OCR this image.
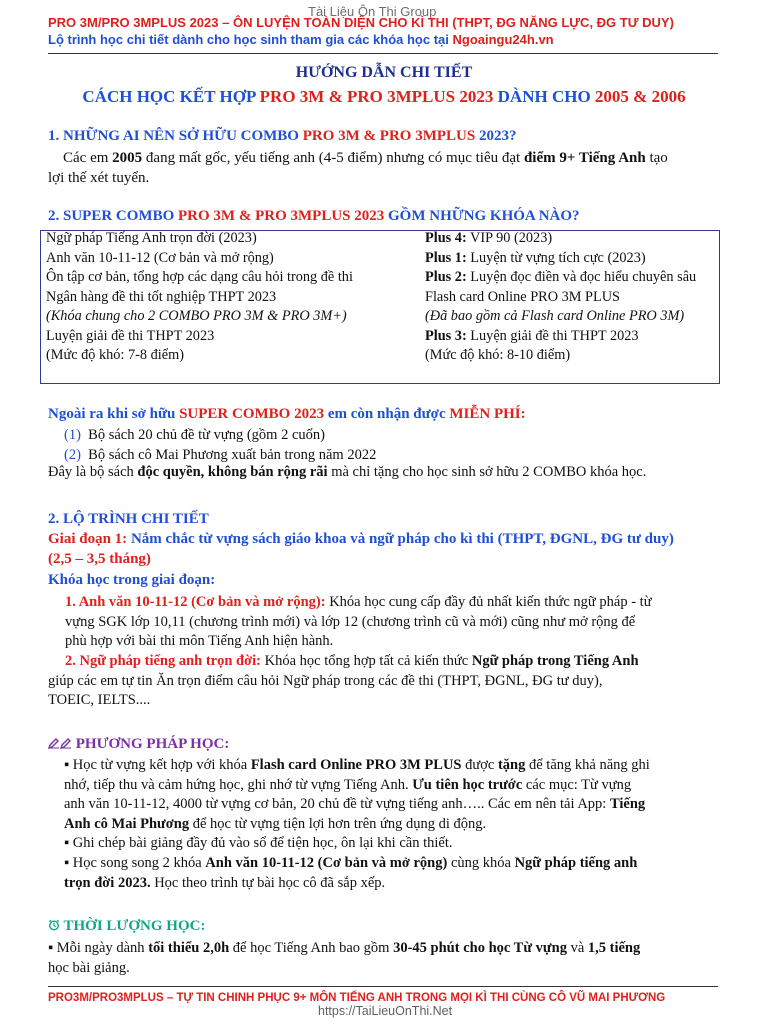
Tài Liệu Ôn Thi Group
PRO 3M/PRO 3MPLUS 2023 – ÔN LUYỆN TOÀN DIỆN CHO KÌ THI (THPT, ĐG NĂNG LỰC, ĐG TƯ DUY)
Lộ trình học chi tiết dành cho học sinh tham gia các khóa học tại Ngoaingu24h.vn
HƯỚNG DẪN CHI TIẾT
CÁCH HỌC KẾT HỢP PRO 3M & PRO 3MPLUS 2023 DÀNH CHO 2005 & 2006
1. NHỮNG AI NÊN SỞ HỮU COMBO PRO 3M & PRO 3MPLUS 2023?
Các em 2005 đang mất gốc, yếu tiếng anh (4-5 điểm) nhưng có mục tiêu đạt điểm 9+ Tiếng Anh tạo
lợi thế xét tuyển.
2. SUPER COMBO PRO 3M & PRO 3MPLUS 2023 GỒM NHỮNG KHÓA NÀO?
Ngữ pháp Tiếng Anh trọn đời (2023)
Anh văn 10-11-12 (Cơ bản và mở rộng)
Ôn tập cơ bản, tổng hợp các dạng câu hỏi trong đề thi
Ngân hàng đề thi tốt nghiệp THPT 2023
(Khóa chung cho 2 COMBO PRO 3M & PRO 3M+)
Luyện giải đề thi THPT 2023
(Mức độ khó: 7-8 điểm)
Plus 4: VIP 90 (2023)
Plus 1: Luyện từ vựng tích cực (2023)
Plus 2: Luyện đọc điền và đọc hiểu chuyên sâu
Flash card Online PRO 3M PLUS
(Đã bao gồm cả Flash card Online PRO 3M)
Plus 3: Luyện giải đề thi THPT 2023
(Mức độ khó: 8-10 điểm)
Ngoài ra khi sở hữu SUPER COMBO 2023 em còn nhận được MIỄN PHÍ:
(1) Bộ sách 20 chủ đề từ vựng (gồm 2 cuốn)
(2) Bộ sách cô Mai Phương xuất bản trong năm 2022
Đây là bộ sách độc quyền, không bán rộng rãi mà chỉ tặng cho học sinh sở hữu 2 COMBO khóa học.
2. LỘ TRÌNH CHI TIẾT
Giai đoạn 1: Nắm chắc từ vựng sách giáo khoa và ngữ pháp cho kì thi (THPT, ĐGNL, ĐG tư duy)
(2,5 – 3,5 tháng)
Khóa học trong giai đoạn:
1. Anh văn 10-11-12 (Cơ bản và mở rộng): Khóa học cung cấp đầy đủ nhất kiến thức ngữ pháp - từ
vựng SGK lớp 10,11 (chương trình mới) và lớp 12 (chương trình cũ và mới) cũng như mở rộng để
phù hợp với bài thi môn Tiếng Anh hiện hành.
2. Ngữ pháp tiếng anh trọn đời: Khóa học tổng hợp tất cả kiến thức Ngữ pháp trong Tiếng Anh
giúp các em tự tin Ăn trọn điểm câu hỏi Ngữ pháp trong các đề thi (THPT, ĐGNL, ĐG tư duy),
TOEIC, IELTS....
PHƯƠNG PHÁP HỌC:
▪ Học từ vựng kết hợp với khóa Flash card Online PRO 3M PLUS được tặng để tăng khả năng ghi
nhớ, tiếp thu và cảm hứng học, ghi nhớ từ vựng Tiếng Anh. Ưu tiên học trước các mục: Từ vựng
anh văn 10-11-12, 4000 từ vựng cơ bản, 20 chủ đề từ vựng tiếng anh….. Các em nên tải App: Tiếng
Anh cô Mai Phương để học từ vựng tiện lợi hơn trên ứng dụng di động.
▪ Ghi chép bài giảng đầy đủ vào sổ để tiện học, ôn lại khi cần thiết.
▪ Học song song 2 khóa Anh văn 10-11-12 (Cơ bản và mở rộng) cùng khóa Ngữ pháp tiếng anh
trọn đời 2023. Học theo trình tự bài học cô đã sắp xếp.
THỜI LƯỢNG HỌC:
▪ Mỗi ngày dành tối thiểu 2,0h để học Tiếng Anh bao gồm 30-45 phút cho học Từ vựng và 1,5 tiếng
học bài giảng.
PRO3M/PRO3MPLUS – TỰ TIN CHINH PHỤC 9+ MÔN TIẾNG ANH TRONG MỌI KÌ THI CÙNG CÔ VŨ MAI PHƯƠNG
https://TaiLieuOnThi.Net
